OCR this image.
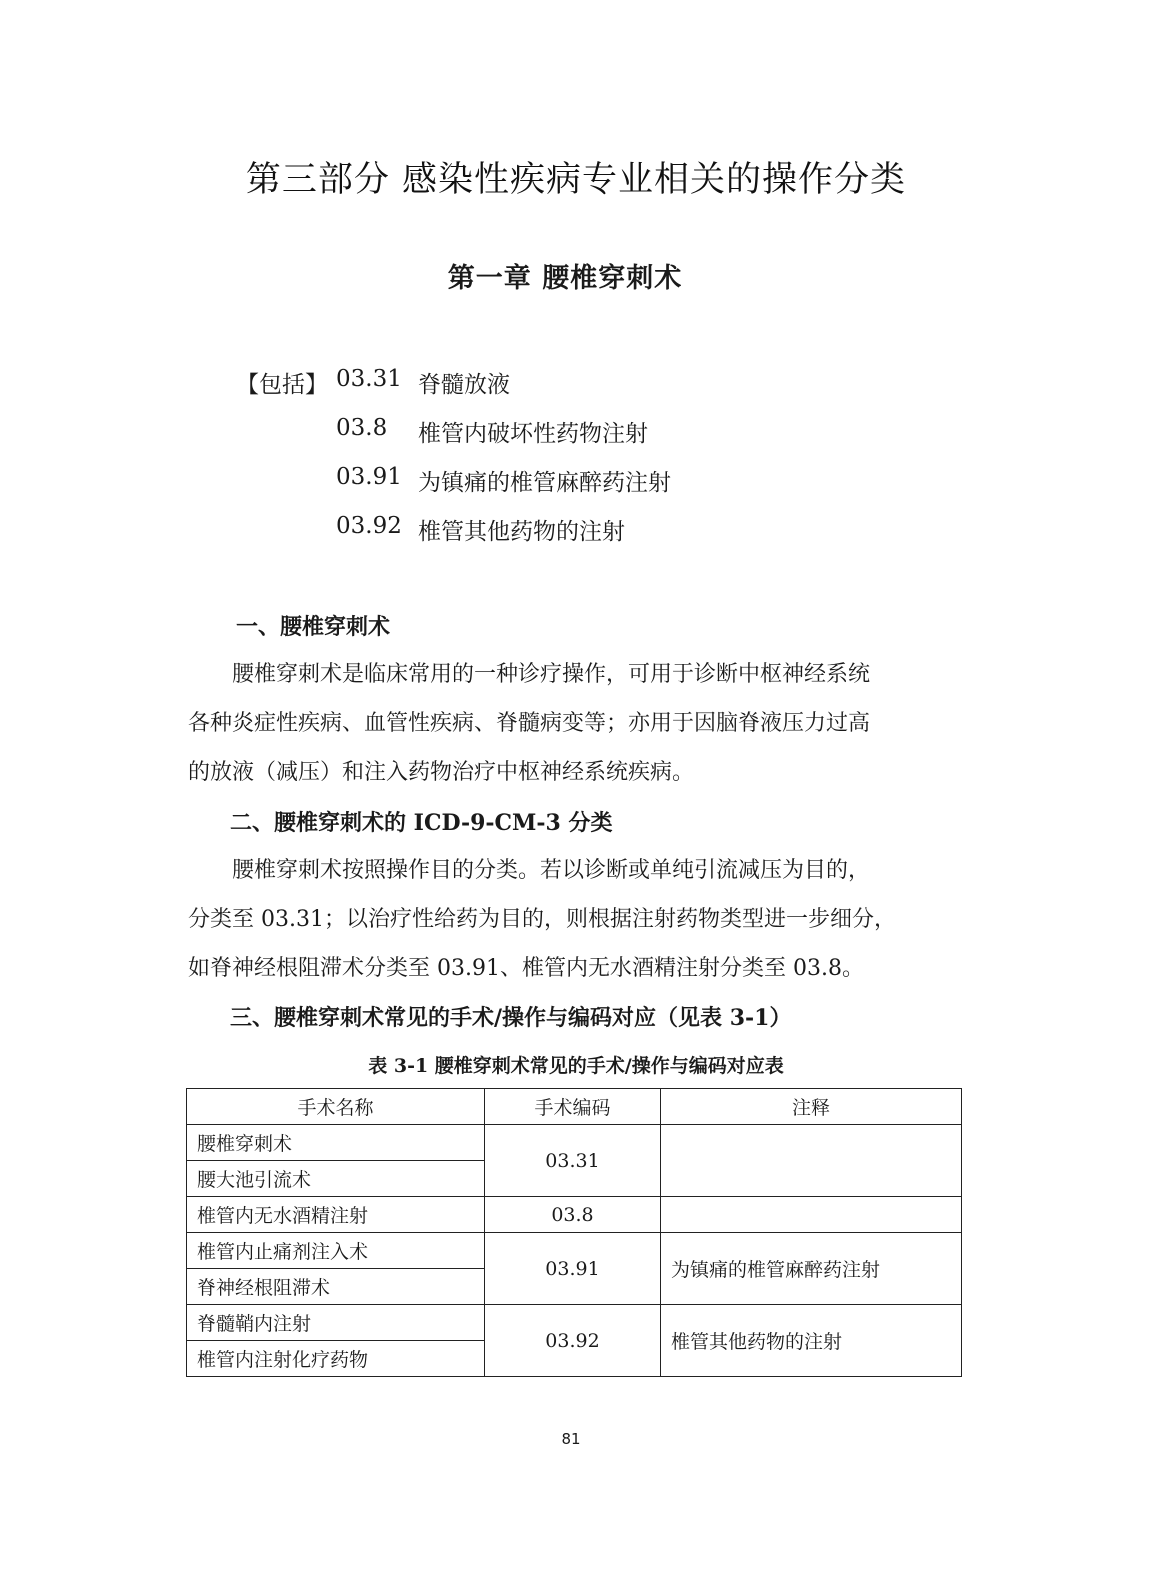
第三部分 感染性疾病专业相关的操作分类
第一章 腰椎穿刺术
【包括】 03.31 脊髓放液
03.8 椎管内破坏性药物注射
03.91 为镇痛的椎管麻醉药注射
03.92 椎管其他药物的注射
一、腰椎穿刺术
　　腰椎穿刺术是临床常用的一种诊疗操作，可用于诊断中枢神经系统
各种炎症性疾病、血管性疾病、脊髓病变等；亦用于因脑脊液压力过高
的放液（减压）和注入药物治疗中枢神经系统疾病。
二、腰椎穿刺术的 ICD-9-CM-3 分类
　　腰椎穿刺术按照操作目的分类。若以诊断或单纯引流减压为目的，
分类至 03.31；以治疗性给药为目的，则根据注射药物类型进一步细分，
如脊神经根阻滞术分类至 03.91、椎管内无水酒精注射分类至 03.8。
三、腰椎穿刺术常见的手术/操作与编码对应（见表 3-1）
表 3-1 腰椎穿刺术常见的手术/操作与编码对应表
手术名称	手术编码	注释
腰椎穿刺术	03.31	
腰大池引流术		
椎管内无水酒精注射	03.8	
椎管内止痛剂注入术	03.91	为镇痛的椎管麻醉药注射
脊神经根阻滞术		
脊髓鞘内注射	03.92	椎管其他药物的注射
椎管内注射化疗药物		
81
